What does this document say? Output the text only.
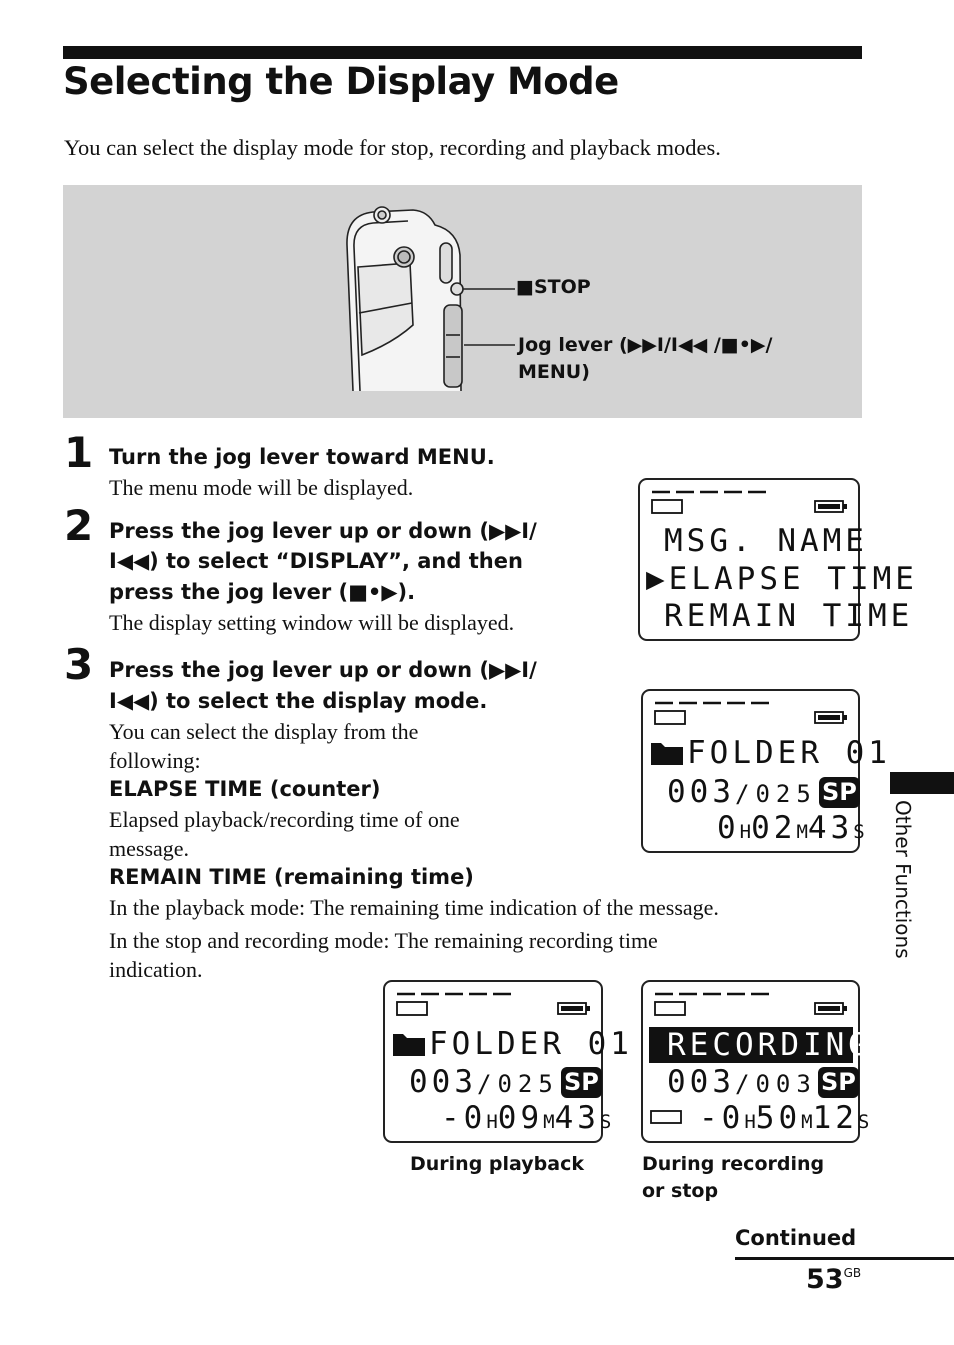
Selecting the Display Mode
You can select the display mode for stop, recording and playback modes.
■STOP
Jog lever (▶▶I/I◀◀ /■•▶/
MENU)
1 Turn the jog lever toward MENU.
The menu mode will be displayed.
2 Press the jog lever up or down (▶▶I/
I◀◀) to select “DISPLAY”, and then
press the jog lever (■•▶).
The display setting window will be displayed.
3 Press the jog lever up or down (▶▶I/
I◀◀) to select the display mode.
You can select the display from the
following:
ELAPSE TIME (counter)
Elapsed playback/recording time of one
message.
REMAIN TIME (remaining time)
In the playback mode: The remaining time indication of the message.
In the stop and recording mode: The remaining recording time
indication.
MSG. NAME
▶ELAPSE TIME
REMAIN TIME
FOLDER 01
003/025 SP
0H02M43S
FOLDER 01
003/025 SP
-0H09M43S
RECORDING
003/003 SP
-0H50M12S
During playback	During recording
or stop
Other Functions
Continued
$53^{GB}$
